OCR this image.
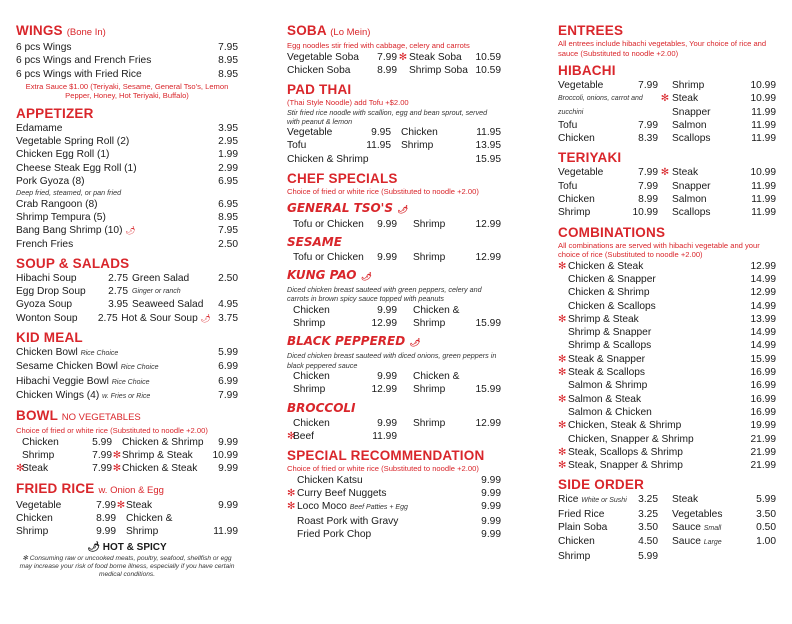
WINGS (Bone In)
6 pcs Wings	7.95
6 pcs Wings and French Fries	8.95
6 pcs Wings with Fried Rice	8.95
Extra Sauce $1.00 (Teriyaki, Sesame, General Tso's, Lemon Pepper, Honey, Hot Teriyaki, Buffalo)
APPETIZER
Edamame	3.95
Vegetable Spring Roll (2)	2.95
Chicken Egg Roll (1)	1.99
Cheese Steak Egg Roll (1)	2.99
Pork Gyoza (8)	6.95
Deep fried, steamed, or pan fried
Crab Rangoon (8)	6.95
Shrimp Tempura (5)	8.95
Bang Bang Shrimp (10) 🌶	7.95
French Fries	2.50
SOUP & SALADS
Hibachi Soup	2.75 Green Salad	2.50
Egg Drop Soup	2.75 Ginger or ranch
Gyoza Soup	3.95 Seaweed Salad	4.95
Wonton Soup	2.75 Hot & Sour Soup 🌶 3.75
KID MEAL
Chicken Bowl Rice Choice	5.99
Sesame Chicken Bowl Rice Choice	6.99
Hibachi Veggie Bowl Rice Choice	6.99
Chicken Wings (4) w. Fries or Rice	7.99
BOWL NO VEGETABLES
Choice of fried or white rice (Substituted to noodle +2.00)
Chicken	5.99 Chicken & Shrimp	9.99
Shrimp	7.99 ✻ Shrimp & Steak	10.99
✻
Steak	7.99 ✻ Chicken & Steak	9.99
FRIED RICE w. Onion & Egg
Vegetable	7.99 ✻ Steak	9.99
Chicken	8.99 Chicken &
Shrimp	9.99 Shrimp	11.99
🌶 HOT & SPICY
✻ Consuming raw or uncooked meats, poultry, seafood, shellfish or egg may increase your risk of food borne illness, especially if you have certain medical conditions.
SOBA (Lo Mein)
Egg noodles stir fried with cabbage, celery and carrots
Vegetable Soba	7.99 ✻ Steak Soba	10.59
Chicken Soba	8.99 Shrimp Soba 10.59
PAD THAI
(Thai Style Noodle) add Tofu +$2.00
Stir fried rice noodle with scallion, egg and bean sprout, served with peanut & lemon
Vegetable	9.95 Chicken	11.95
Tofu	11.95 Shrimp	13.95
Chicken & Shrimp	15.95
CHEF SPECIALS
Choice of fried or white rice (Substituted to noodle +2.00)
GENERAL TSO'S 🌶
Tofu or Chicken	9.99 Shrimp	12.99
SESAME
Tofu or Chicken	9.99 Shrimp	12.99
KUNG PAO 🌶
Diced chicken breast sauteed with green peppers, celery and carrots in brown spicy sauce topped with peanuts
Chicken	9.99 Chicken &
Shrimp	12.99 Shrimp	15.99
BLACK PEPPERED 🌶
Diced chicken breast sauteed with diced onions, green peppers in black peppered sauce
Chicken	9.99 Chicken &
Shrimp	12.99 Shrimp	15.99
BROCCOLI
Chicken	9.99 Shrimp	12.99
✻
Beef	11.99
SPECIAL RECOMMENDATION
Choice of fried or white rice (Substituted to noodle +2.00)
Chicken Katsu	9.99
✻ Curry Beef Nuggets	9.99
✻ Loco Moco Beef Patties + Egg	9.99
Roast Pork with Gravy	9.99
Fried Pork Chop	9.99
ENTREES
All entrees include hibachi vegetables, Your choice of rice and sauce (Substituted to noodle +2.00)
HIBACHI
Vegetable	7.99 Shrimp	10.99
Broccoli, onions, carrot and ✻ Steak	10.99
zucchini	Snapper	11.99
Tofu	7.99 Salmon	11.99
Chicken	8.39 Scallops	11.99
TERIYAKI
Vegetable	7.99 ✻ Steak	10.99
Tofu	7.99 Snapper	11.99
Chicken	8.99 Salmon	11.99
Shrimp	10.99 Scallops	11.99
COMBINATIONS
All combinations are served with hibachi vegetable and your choice of rice (Substituted to noodle +2.00)
✻ Chicken & Steak	12.99
Chicken & Snapper	14.99
Chicken & Shrimp	12.99
Chicken & Scallops	14.99
✻ Shrimp & Steak	13.99
Shrimp & Snapper	14.99
Shrimp & Scallops	14.99
✻ Steak & Snapper	15.99
✻ Steak & Scallops	16.99
Salmon & Shrimp	16.99
✻ Salmon & Steak	16.99
Salmon & Chicken	16.99
✻ Chicken, Steak & Shrimp	19.99
Chicken, Snapper & Shrimp	21.99
✻ Steak, Scallops & Shrimp	21.99
✻ Steak, Snapper & Shrimp	21.99
SIDE ORDER
Rice White or Sushi	3.25 Steak	5.99
Fried Rice	3.25 Vegetables	3.50
Plain Soba	3.50 Sauce Small	0.50
Chicken	4.50 Sauce Large	1.00
Shrimp	5.99
